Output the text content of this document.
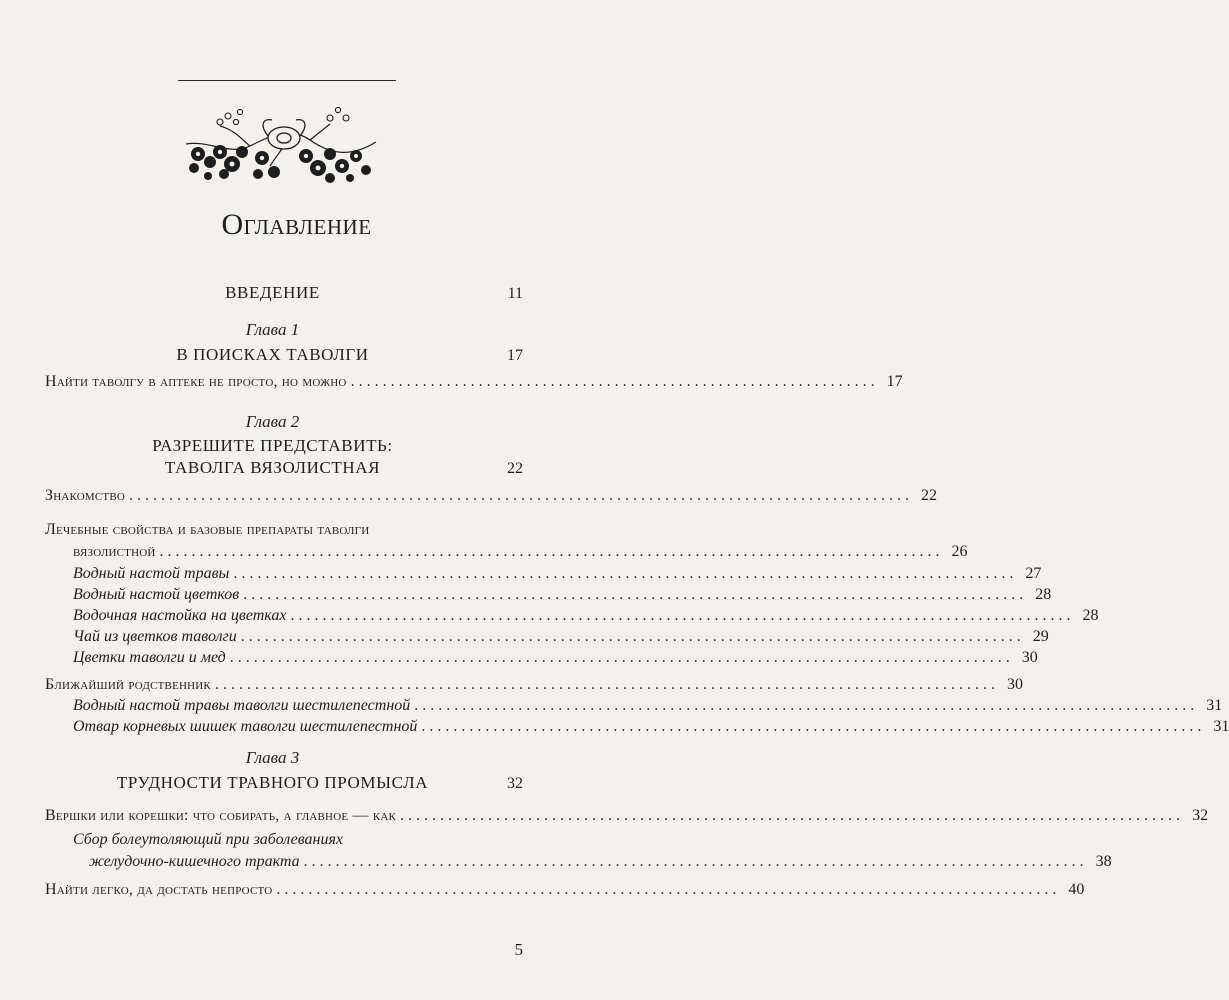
Оглавление
ВВЕДЕНИЕ	11
Глава 1
В ПОИСКАХ ТАВОЛГИ	17
Найти таволгу в аптеке не просто, но можно .................................................................. 17
Глава 2
РАЗРЕШИТЕ ПРЕДСТАВИТЬ:
ТАВОЛГА ВЯЗОЛИСТНАЯ	22
Знакомство .................................................................................................. 22
Лечебные свойства и базовые препараты таволги
вязолистной .................................................................................................. 26
Водный настой травы .................................................................................................. 27
Водный настой цветков .................................................................................................. 28
Водочная настойка на цветках .................................................................................................. 28
Чай из цветков таволги .................................................................................................. 29
Цветки таволги и мед .................................................................................................. 30
Ближайший родственник .................................................................................................. 30
Водный настой травы таволги шестилепестной .................................................................................................. 31
Отвар корневых шишек таволги шестилепестной .................................................................................................. 31
Глава 3
ТРУДНОСТИ ТРАВНОГО ПРОМЫСЛА	32
Вершки или корешки: что собирать, а главное — как .................................................................................................. 32
Сбор болеутоляющий при заболеваниях
желудочно-кишечного тракта .................................................................................................. 38
Найти легко, да достать непросто .................................................................................................. 40
5
